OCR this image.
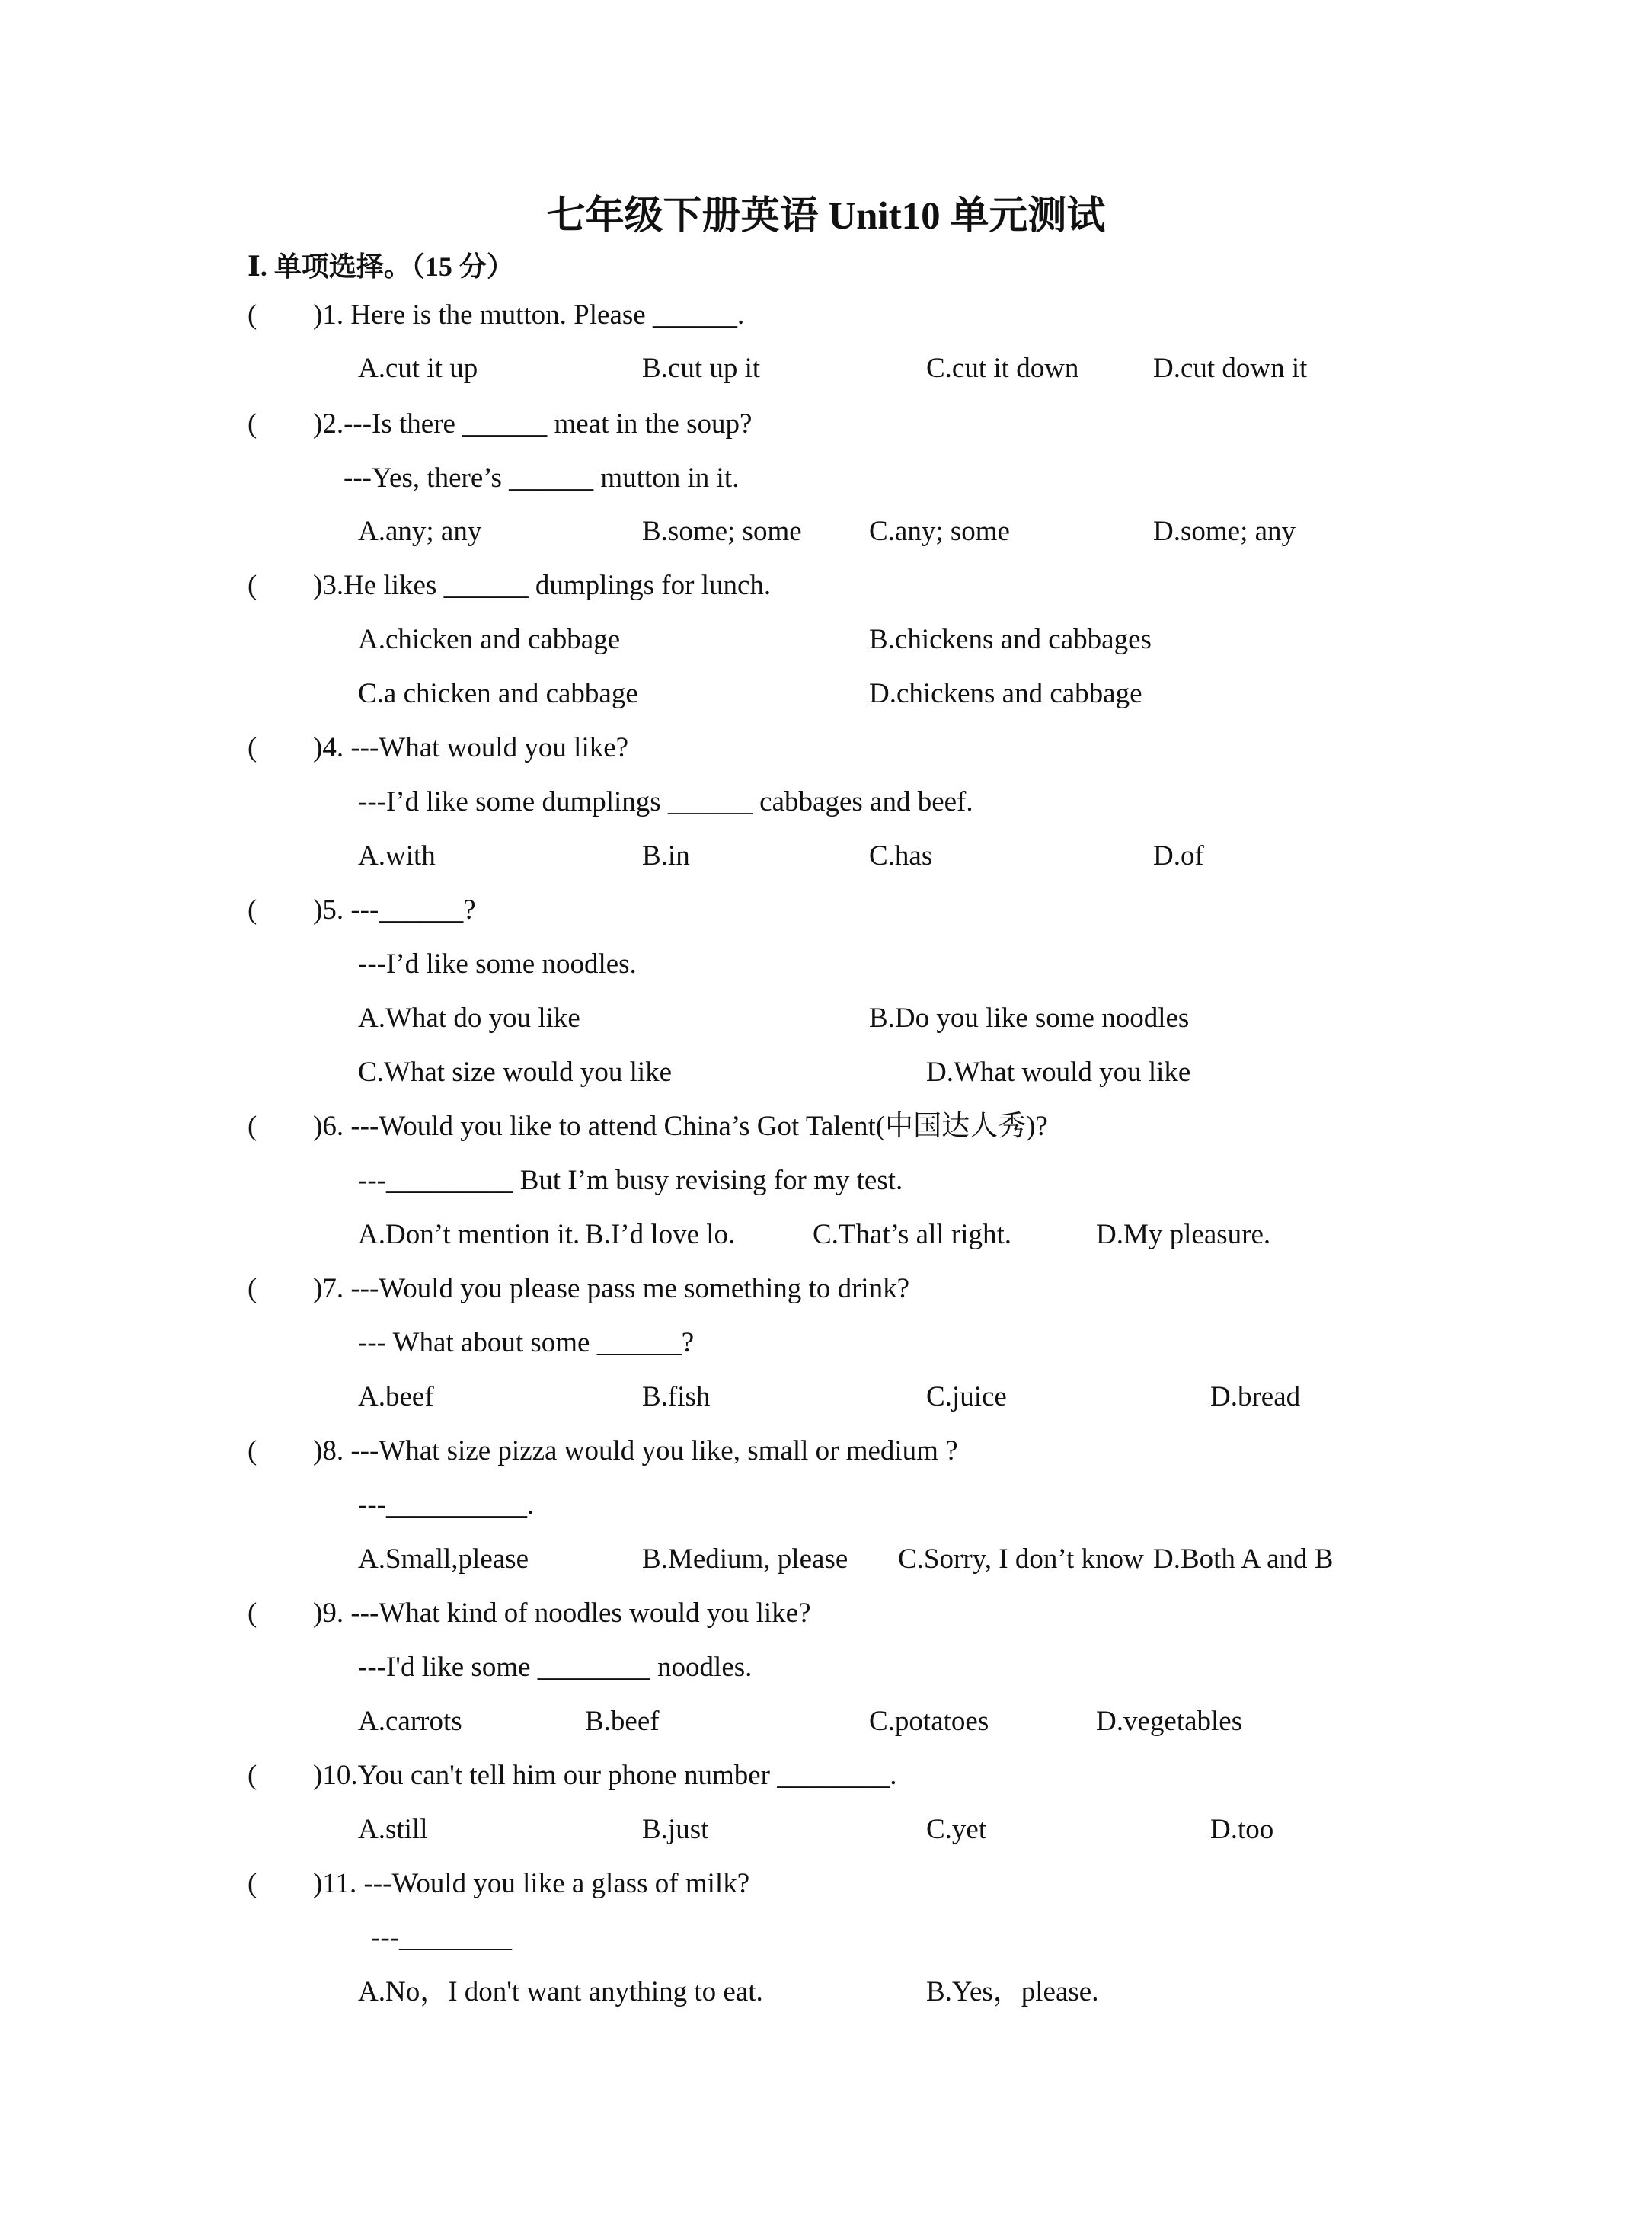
七年级下册英语 Unit10 单元测试
Ⅰ. 单项选择。（15 分）
( )1. Here is the mutton. Please ______.
A.cut it up	B.cut up it	C.cut it down	D.cut down it
( )2.---Is there ______ meat in the soup?
---Yes, there’s ______ mutton in it.
A.any; any	B.some; some C.any; some	D.some; any
( )3.He likes ______ dumplings for lunch.
A.chicken and cabbage	B.chickens and cabbages
C.a chicken and cabbage	D.chickens and cabbage
( )4. ---What would you like?
---I’d like some dumplings ______ cabbages and beef.
A.with	B.in	C.has	D.of
( )5. ---______?
---I’d like some noodles.
A.What do you like	B.Do you like some noodles
C.What size would you like	D.What would you like
( )6. ---Would you like to attend China’s Got Talent(中国达人秀)?
---_________ But I’m busy revising for my test.
A.Don’t mention it. B.I’d love lo.	C.That’s all right.	D.My pleasure.
( )7. ---Would you please pass me something to drink?
--- What about some ______?
A.beef	B.fish	C.juice	D.bread
( )8. ---What size pizza would you like, small or medium ?
---__________.
A.Small,please	B.Medium, please C.Sorry, I don’t know D.Both A and B
( )9. ---What kind of noodles would you like?
---I'd like some ________ noodles.
A.carrots	B.beef	C.potatoes	D.vegetables
( )10.You can't tell him our phone number ________.
A.still	B.just	C.yet	D.too
( )11. ---Would you like a glass of milk?
---________
A.No，I don't want anything to eat.	B.Yes，please.
